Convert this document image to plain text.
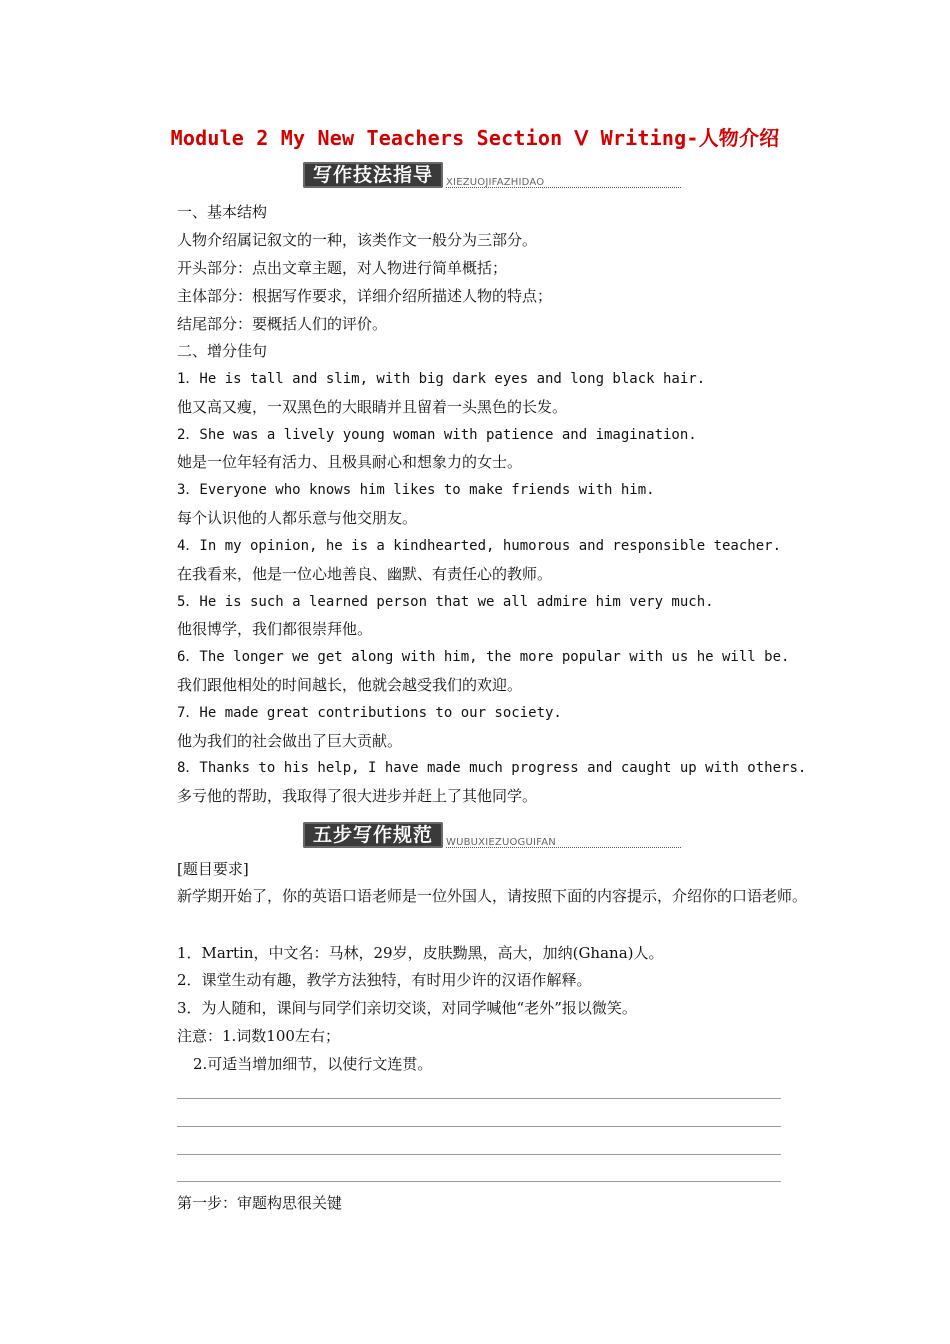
Module 2 My New Teachers Section Ⅴ Writing-人物介绍
写作技法指导	XIEZUOJIFAZHIDAO
一、基本结构
人物介绍属记叙文的一种，该类作文一般分为三部分。
开头部分：点出文章主题，对人物进行简单概括；
主体部分：根据写作要求，详细介绍所描述人物的特点；
结尾部分：要概括人们的评价。
二、增分佳句
1．He is tall and slim, with big dark eyes and long black hair.
他又高又瘦，一双黑色的大眼睛并且留着一头黑色的长发。
2．She was a lively young woman with patience and imagination.
她是一位年轻有活力、且极具耐心和想象力的女士。
3．Everyone who knows him likes to make friends with him.
每个认识他的人都乐意与他交朋友。
4．In my opinion, he is a kindhearted, humorous and responsible teacher.
在我看来，他是一位心地善良、幽默、有责任心的教师。
5．He is such a learned person that we all admire him very much.
他很博学，我们都很崇拜他。
6．The longer we get along with him, the more popular with us he will be.
我们跟他相处的时间越长，他就会越受我们的欢迎。
7．He made great contributions to our society.
他为我们的社会做出了巨大贡献。
8．Thanks to his help, I have made much progress and caught up with others.
多亏他的帮助，我取得了很大进步并赶上了其他同学。
五步写作规范	WUBUXIEZUOGUIFAN
[题目要求]
新学期开始了，你的英语口语老师是一位外国人，请按照下面的内容提示，介绍你的口语老师。
1．Martin，中文名：马林，29岁，皮肤黝黑，高大，加纳(Ghana)人。
2．课堂生动有趣，教学方法独特，有时用少许的汉语作解释。
3．为人随和，课间与同学们亲切交谈，对同学喊他“老外”报以微笑。
注意：1.词数100左右；
2.可适当增加细节，以使行文连贯。
第一步：审题构思很关键
